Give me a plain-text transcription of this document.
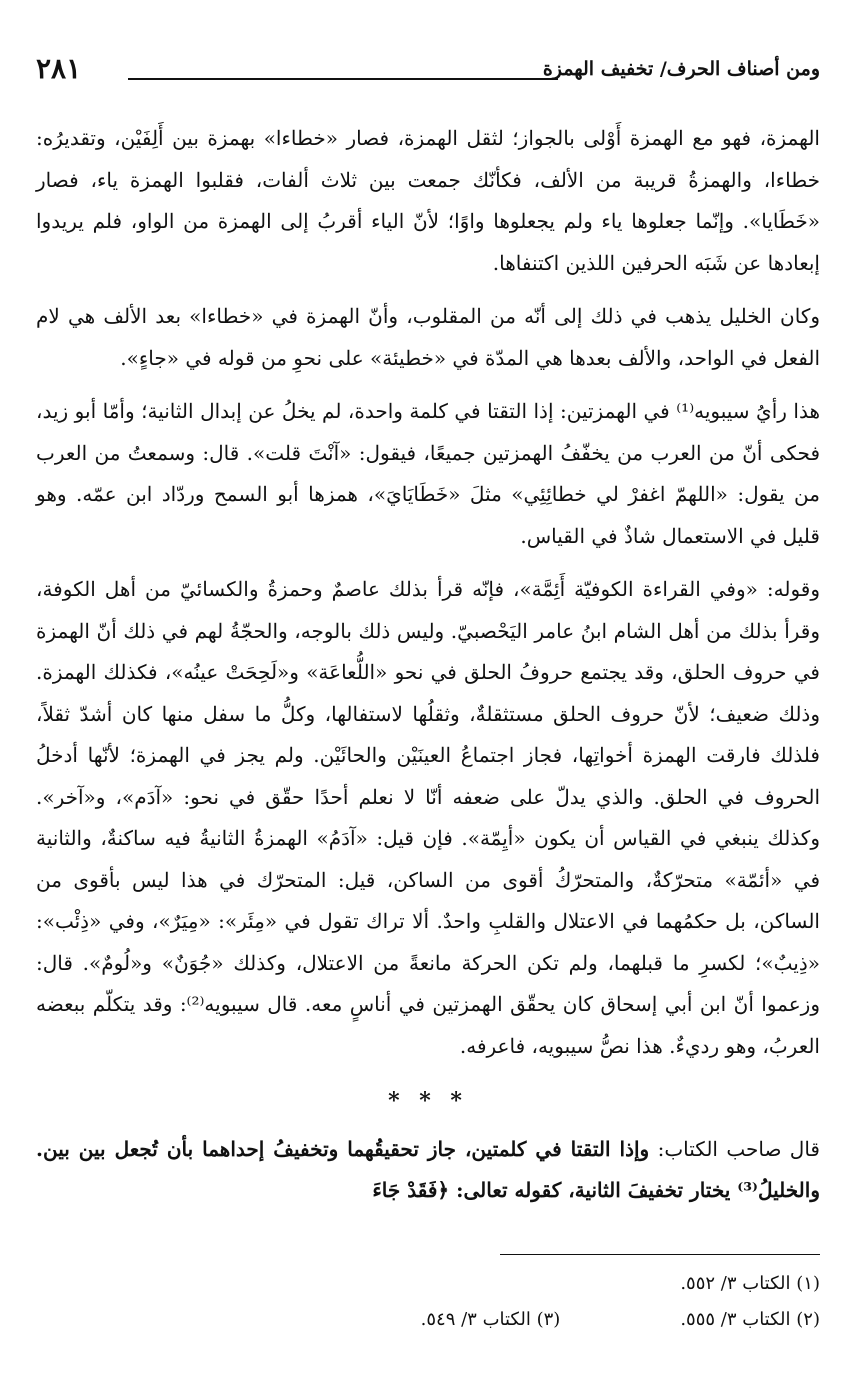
ومن أصناف الحرف/ تخفيف الهمزة
٢٨١

الهمزة، فهو مع الهمزة أَوْلى بالجواز؛ لثقل الهمزة، فصار «خطاءا» بهمزة بين أَلِفَيْن، وتقديرُه: خطاءا، والهمزةُ قريبة من الألف، فكأنّك جمعت بين ثلاث ألفات، فقلبوا الهمزة ياء، فصار «خَطَايا». وإنّما جعلوها ياء ولم يجعلوها واوًا؛ لأنّ الياء أقربُ إلى الهمزة من الواو، فلم يريدوا إبعادها عن شَبَه الحرفين اللذين اكتنفاها.

وكان الخليل يذهب في ذلك إلى أنّه من المقلوب، وأنّ الهمزة في «خطاءا» بعد الألف هي لام الفعل في الواحد، والألف بعدها هي المدّة في «خطيئة» على نحوِ من قوله في «جاءٍ».

هذا رأيُ سيبويه⁽¹⁾ في الهمزتين: إذا التقتا في كلمة واحدة، لم يخلُ عن إبدال الثانية؛ وأمّا أبو زيد، فحكى أنّ من العرب من يخفّفُ الهمزتين جميعًا، فيقول: «آنْتَ قلت». قال: وسمعتُ من العرب من يقول: «اللهمّ اغفرْ لي خطائِئِي» مثلَ «خَطَايَايَ»، همزها أبو السمح وردّاد ابن عمّه. وهو قليل في الاستعمال شاذٌ في القياس.

وقوله: «وفي القراءة الكوفيّة أَئِمَّة»، فإنّه قرأ بذلك عاصمٌ وحمزةُ والكسائيّ من أهل الكوفة، وقرأ بذلك من أهل الشام ابنُ عامر اليَحْصبيّ. وليس ذلك بالوجه، والحجّةُ لهم في ذلك أنّ الهمزة في حروف الحلق، وقد يجتمع حروفُ الحلق في نحو «اللُّعاعَة» و«لَحِحَتْ عينُه»، فكذلك الهمزة. وذلك ضعيف؛ لأنّ حروف الحلق مستثقلةٌ، وثقلُها لاستفالها، وكلُّ ما سفل منها كان أشدّ ثقلاً، فلذلك فارقت الهمزة أخواتِها، فجاز اجتماعُ العينَيْن والحائَيْن. ولم يجز في الهمزة؛ لأنّها أدخلُ الحروف في الحلق. والذي يدلّ على ضعفه أنّا لا نعلم أحدًا حقّق في نحو: «آدَم»، و«آخر». وكذلك ينبغي في القياس أن يكون «أيِمّة». فإن قيل: «آدَمُ» الهمزةُ الثانيةُ فيه ساكنةٌ، والثانية في «أئمّة» متحرّكةٌ، والمتحرّكُ أقوى من الساكن، قيل: المتحرّك في هذا ليس بأقوى من الساكن، بل حكمُهما في الاعتلال والقلبِ واحدٌ. ألا تراك تقول في «مِئَر»: «مِيَرٌ»، وفي «ذِئْب»: «ذِيبٌ»؛ لكسرِ ما قبلهما، ولم تكن الحركة مانعةً من الاعتلال، وكذلك «جُوَنٌ» و«لُومٌ». قال: وزعموا أنّ ابن أبي إسحاق كان يحقّق الهمزتين في أناسٍ معه. قال سيبويه⁽²⁾: وقد يتكلّم ببعضه العربُ، وهو رديءٌ. هذا نصُّ سيبويه، فاعرفه.

* * *

قال صاحب الكتاب: وإذا التقتا في كلمتين، جاز تحقيقُهما وتخفيفُ إحداهما بأن تُجعل بين بين. والخليلُ⁽³⁾ يختار تخفيفَ الثانية، كقوله تعالى: ﴿فَقَدْ جَاءَ

(١) الكتاب ٣/ ٥٥٢.
(٢) الكتاب ٣/ ٥٥٥.
(٣) الكتاب ٣/ ٥٤٩.
